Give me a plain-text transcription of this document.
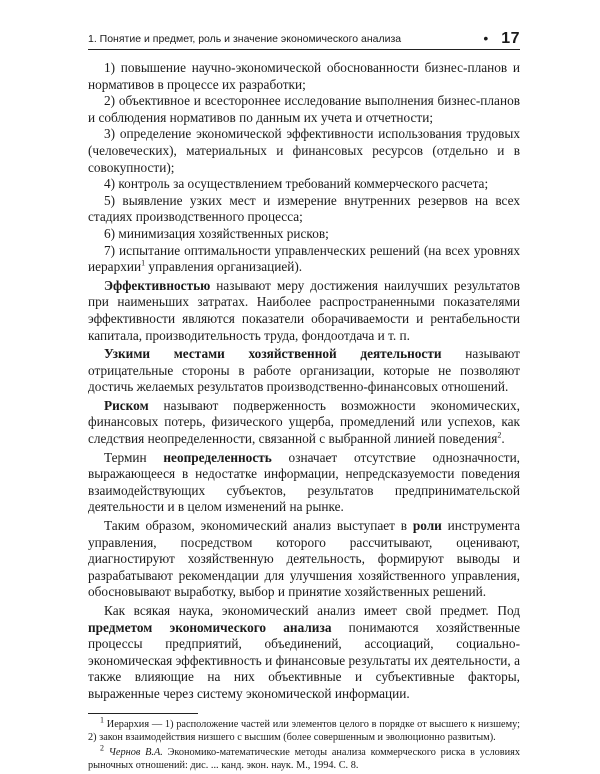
1. Понятие и предмет, роль и значение экономического анализа	• 17

1) повышение научно-экономической обоснованности бизнес-планов и нормативов в процессе их разработки;

2) объективное и всестороннее исследование выполнения бизнес-планов и соблюдения нормативов по данным их учета и отчетности;

3) определение экономической эффективности использования трудовых (человеческих), материальных и финансовых ресурсов (отдельно и в совокупности);

4) контроль за осуществлением требований коммерческого расчета;

5) выявление узких мест и измерение внутренних резервов на всех стадиях производственного процесса;

6) минимизация хозяйственных рисков;

7) испытание оптимальности управленческих решений (на всех уровнях иерархии$^1$ управления организацией).

Эффективностью называют меру достижения наилучших результатов при наименьших затратах. Наиболее распространенными показателями эффективности являются показатели оборачиваемости и рентабельности капитала, производительность труда, фондоотдача и т. п.

Узкими местами хозяйственной деятельности называют отрицательные стороны в работе организации, которые не позволяют достичь желаемых результатов производственно-финансовых отношений.

Риском называют подверженность возможности экономических, финансовых потерь, физического ущерба, промедлений или успехов, как следствия неопределенности, связанной с выбранной линией поведения$^2$.

Термин неопределенность означает отсутствие однозначности, выражающееся в недостатке информации, непредсказуемости поведения взаимодействующих субъектов, результатов предпринимательской деятельности и в целом изменений на рынке.

Таким образом, экономический анализ выступает в роли инструмента управления, посредством которого рассчитывают, оценивают, диагностируют хозяйственную деятельность, формируют выводы и разрабатывают рекомендации для улучшения хозяйственного управления, обосновывают выработку, выбор и принятие хозяйственных решений.

Как всякая наука, экономический анализ имеет свой предмет. Под предметом экономического анализа понимаются хозяйственные процессы предприятий, объединений, ассоциаций, социально-экономическая эффективность и финансовые результаты их деятельности, а также влияющие на них объективные и субъективные факторы, выраженные через систему экономической информации.

$^1$ Иерархия — 1) расположение частей или элементов целого в порядке от высшего к низшему; 2) закон взаимодействия низшего с высшим (более совершенным и эволюционно развитым).

$^2$ Чернов В.А. Экономико-математические методы анализа коммерческого риска в условиях рыночных отношений: дис. ... канд. экон. наук. М., 1994. С. 8.
